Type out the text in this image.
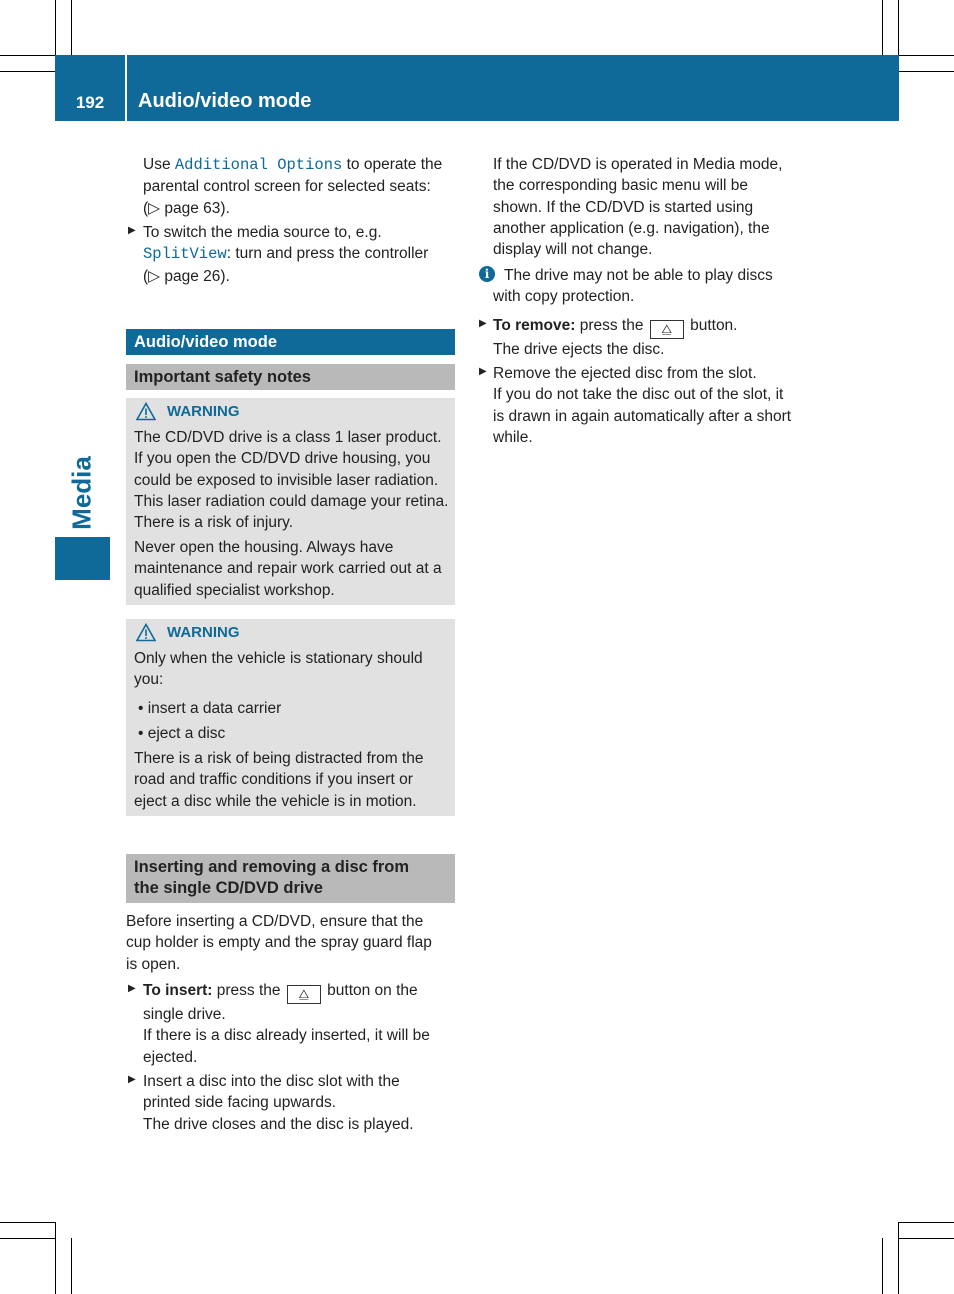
192	Audio/video mode
Media

Use Additional Options to operate the
parental control screen for selected seats:
(▷ page 63).

▶ To switch the media source to, e.g.
SplitView: turn and press the controller
(▷ page 26).

Audio/video mode
Important safety notes
WARNING

The CD/DVD drive is a class 1 laser product.
If you open the CD/DVD drive housing, you
could be exposed to invisible laser radiation.
This laser radiation could damage your retina.
There is a risk of injury.

Never open the housing. Always have
maintenance and repair work carried out at a
qualified specialist workshop.

WARNING

Only when the vehicle is stationary should
you:

• insert a data carrier

• eject a disc

There is a risk of being distracted from the
road and traffic conditions if you insert or
eject a disc while the vehicle is in motion.

Inserting and removing a disc from
the single CD/DVD drive

Before inserting a CD/DVD, ensure that the
cup holder is empty and the spray guard flap
is open.

▶ To insert: press the ⧋ button on the
single drive.
If there is a disc already inserted, it will be
ejected.

▶ Insert a disc into the disc slot with the
printed side facing upwards.
The drive closes and the disc is played.

If the CD/DVD is operated in Media mode,
the corresponding basic menu will be
shown. If the CD/DVD is started using
another application (e.g. navigation), the
display will not change.

i The drive may not be able to play discs
with copy protection.

▶ To remove: press the ⧋ button.
The drive ejects the disc.

▶ Remove the ejected disc from the slot.
If you do not take the disc out of the slot, it
is drawn in again automatically after a short
while.
